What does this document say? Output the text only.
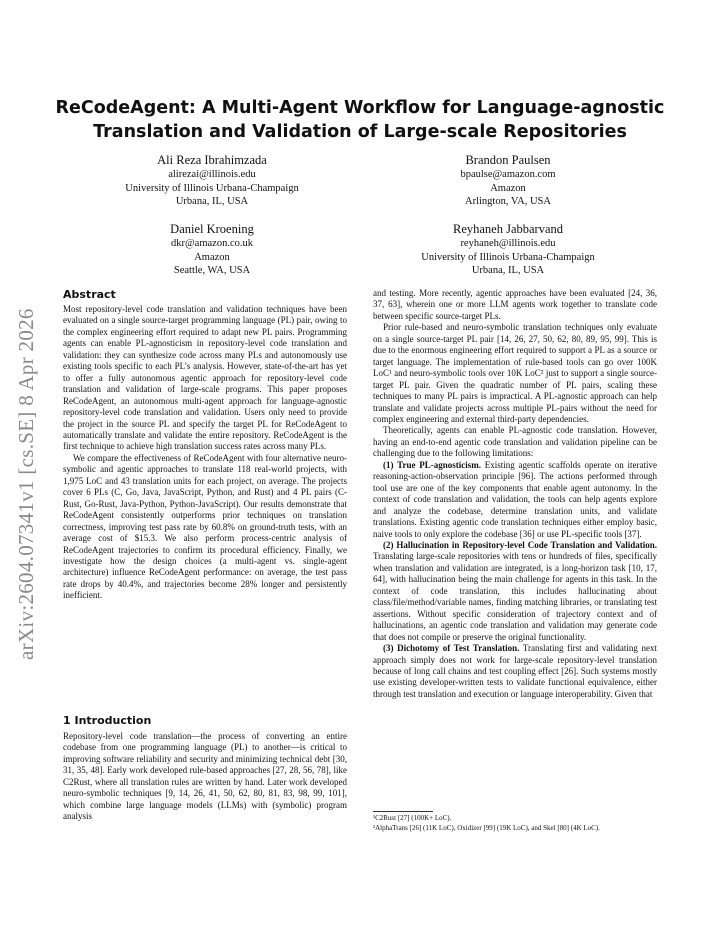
arXiv:2604.07341v1 [cs.SE] 8 Apr 2026
ReCodeAgent: A Multi-Agent Workflow for Language-agnostic
Translation and Validation of Large-scale Repositories
Ali Reza Ibrahimzada
alirezai@illinois.edu
University of Illinois Urbana-Champaign
Urbana, IL, USA
Brandon Paulsen
bpaulse@amazon.com
Amazon
Arlington, VA, USA
Daniel Kroening
dkr@amazon.co.uk
Amazon
Seattle, WA, USA
Reyhaneh Jabbarvand
reyhaneh@illinois.edu
University of Illinois Urbana-Champaign
Urbana, IL, USA

Abstract

Most repository-level code translation and validation techniques have been evaluated on a single source-target programming language (PL) pair, owing to the complex engineering effort required to adapt new PL pairs. Programming agents can enable PL-agnosticism in repository-level code translation and validation: they can synthesize code across many PLs and autonomously use existing tools specific to each PL’s analysis. However, state-of-the-art has yet to offer a fully autonomous agentic approach for repository-level code translation and validation of large-scale programs. This paper proposes ReCodeAgent, an autonomous multi-agent approach for language-agnostic repository-level code translation and validation. Users only need to provide the project in the source PL and specify the target PL for ReCodeAgent to automatically translate and validate the entire repository. ReCodeAgent is the first technique to achieve high translation success rates across many PLs.

We compare the effectiveness of ReCodeAgent with four alternative neuro-symbolic and agentic approaches to translate 118 real-world projects, with 1,975 LoC and 43 translation units for each project, on average. The projects cover 6 PLs (C, Go, Java, JavaScript, Python, and Rust) and 4 PL pairs (C-Rust, Go-Rust, Java-Python, Python-JavaScript). Our results demonstrate that ReCodeAgent consistently outperforms prior techniques on translation correctness, improving test pass rate by 60.8% on ground-truth tests, with an average cost of $15.3. We also perform process-centric analysis of ReCodeAgent trajectories to confirm its procedural efficiency. Finally, we investigate how the design choices (a multi-agent vs. single-agent architecture) influence ReCodeAgent performance: on average, the test pass rate drops by 40.4%, and trajectories become 28% longer and persistently inefficient.

1 Introduction

Repository-level code translation—the process of converting an entire codebase from one programming language (PL) to another—is critical to improving software reliability and security and minimizing technical debt [30, 31, 35, 48]. Early work developed rule-based approaches [27, 28, 56, 78], like C2Rust, where all translation rules are written by hand. Later work developed neuro-symbolic techniques [9, 14, 26, 41, 50, 62, 80, 81, 83, 98, 99, 101], which combine large language models (LLMs) with (symbolic) program analysis

and testing. More recently, agentic approaches have been evaluated [24, 36, 37, 63], wherein one or more LLM agents work together to translate code between specific source-target PLs.

Prior rule-based and neuro-symbolic translation techniques only evaluate on a single source-target PL pair [14, 26, 27, 50, 62, 80, 89, 95, 99]. This is due to the enormous engineering effort required to support a PL as a source or target language. The implementation of rule-based tools can go over 100K LoC¹ and neuro-symbolic tools over 10K LoC² just to support a single source-target PL pair. Given the quadratic number of PL pairs, scaling these techniques to many PL pairs is impractical. A PL-agnostic approach can help translate and validate projects across multiple PL-pairs without the need for complex engineering and external third-party dependencies.

Theoretically, agents can enable PL-agnostic code translation. However, having an end-to-end agentic code translation and validation pipeline can be challenging due to the following limitations:

(1) True PL-agnosticism. Existing agentic scaffolds operate on iterative reasoning-action-observation principle [96]. The actions performed through tool use are one of the key components that enable agent autonomy. In the context of code translation and validation, the tools can help agents explore and analyze the codebase, determine translation units, and validate translations. Existing agentic code translation techniques either employ basic, naive tools to only explore the codebase [36] or use PL-specific tools [37].

(2) Hallucination in Repository-level Code Translation and Validation. Translating large-scale repositories with tens or hundreds of files, specifically when translation and validation are integrated, is a long-horizon task [10, 17, 64], with hallucination being the main challenge for agents in this task. In the context of code translation, this includes hallucinating about class/file/method/variable names, finding matching libraries, or translating test assertions. Without specific consideration of trajectory context and of hallucinations, an agentic code translation and validation may generate code that does not compile or preserve the original functionality.

(3) Dichotomy of Test Translation. Translating first and validating next approach simply does not work for large-scale repository-level translation because of long call chains and test coupling effect [26]. Such systems mostly use existing developer-written tests to validate functional equivalence, either through test translation and execution or language interoperability. Given that

¹C2Rust [27] (100K+ LoC).
²AlphaTrans [26] (11K LoC), Oxidizer [99] (19K LoC), and Skel [80] (4K LoC).
